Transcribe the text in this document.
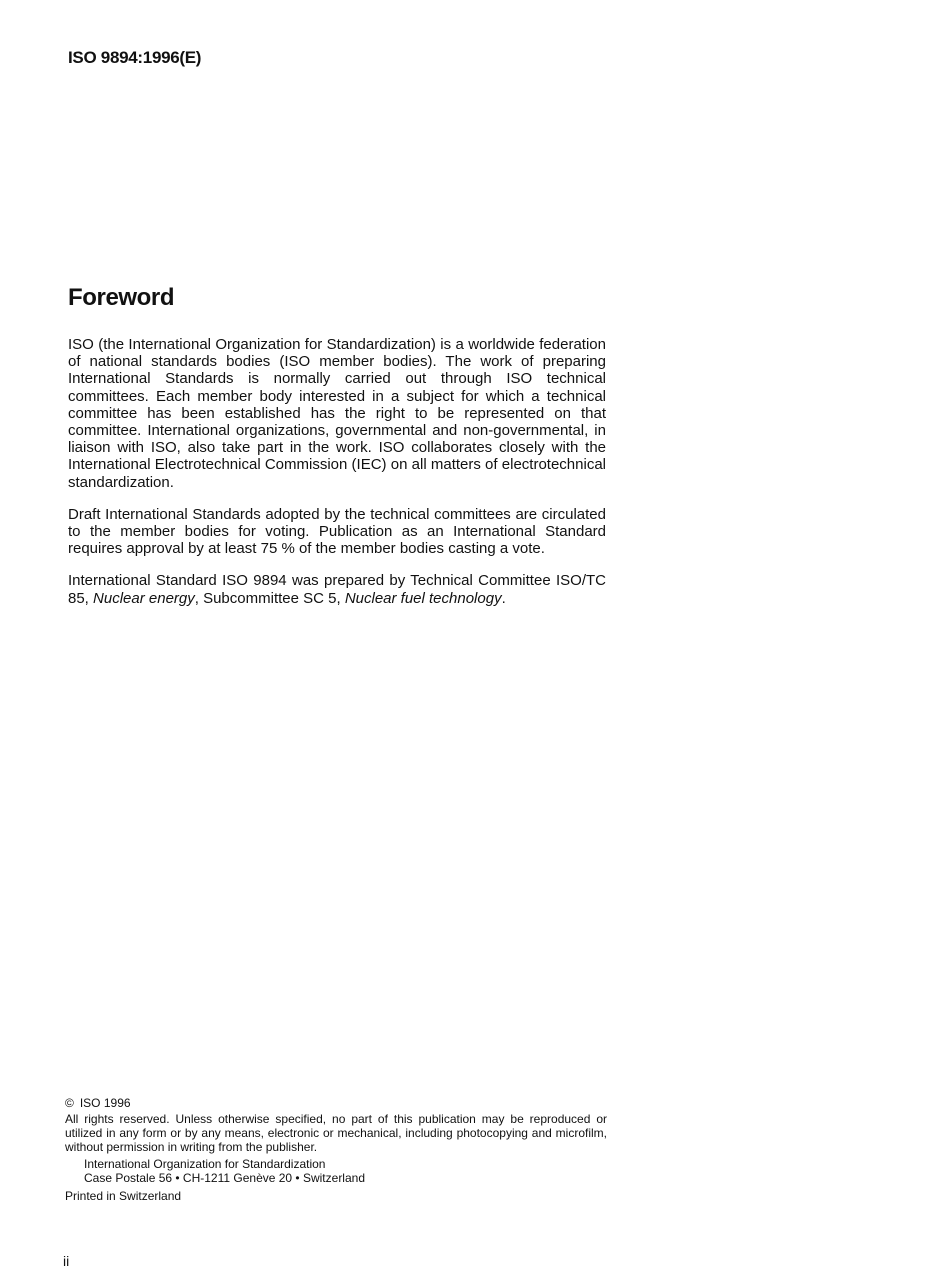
ISO 9894:1996(E)
Foreword

ISO (the International Organization for Standardization) is a worldwide federation of national standards bodies (ISO member bodies). The work of preparing International Standards is normally carried out through ISO technical committees. Each member body interested in a subject for which a technical committee has been established has the right to be represented on that committee. International organizations, governmental and non-governmental, in liaison with ISO, also take part in the work. ISO collaborates closely with the International Electrotechnical Commission (IEC) on all matters of electrotechnical standardization.

Draft International Standards adopted by the technical committees are circulated to the member bodies for voting. Publication as an International Standard requires approval by at least 75 % of the member bodies casting a vote.

International Standard ISO 9894 was prepared by Technical Committee ISO/TC 85, Nuclear energy, Subcommittee SC 5, Nuclear fuel technology.

© ISO 1996

All rights reserved. Unless otherwise specified, no part of this publication may be reproduced or utilized in any form or by any means, electronic or mechanical, including photocopying and microfilm, without permission in writing from the publisher.

International Organization for Standardization

Case Postale 56 • CH-1211 Genève 20 • Switzerland

Printed in Switzerland

ii
